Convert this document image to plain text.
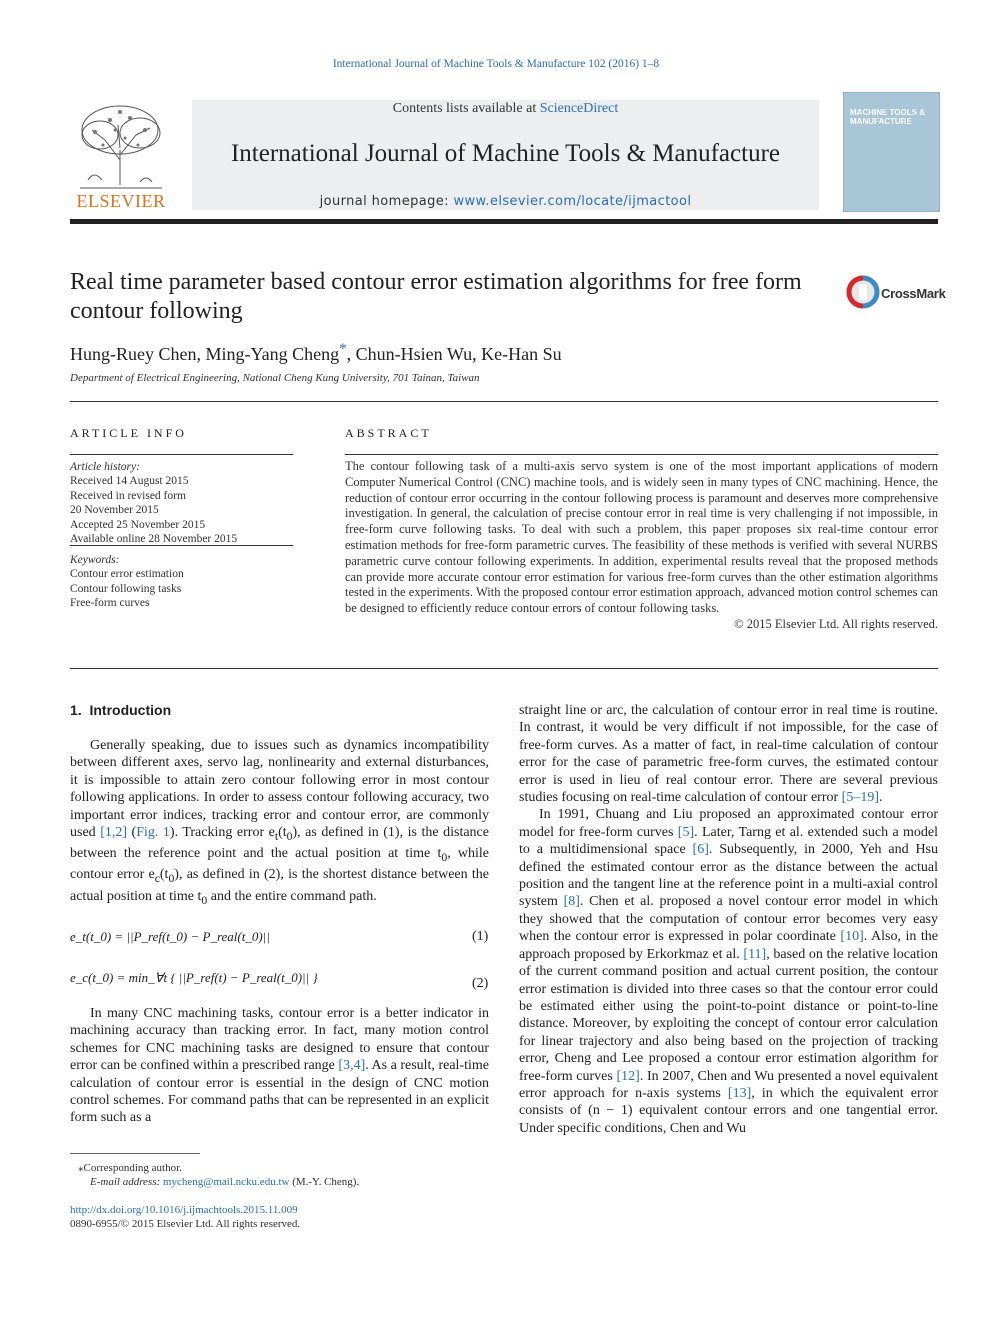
International Journal of Machine Tools & Manufacture 102 (2016) 1–8
ELSEVIER
Contents lists available at ScienceDirect
International Journal of Machine Tools & Manufacture
journal homepage: www.elsevier.com/locate/ijmactool
MACHINE TOOLS & MANUFACTURE
Real time parameter based contour error estimation algorithms for free form contour following
CrossMark
Hung-Ruey Chen, Ming-Yang Cheng*, Chun-Hsien Wu, Ke-Han Su
Department of Electrical Engineering, National Cheng Kung University, 701 Tainan, Taiwan
ARTICLE INFO
Article history:
Received 14 August 2015
Received in revised form
20 November 2015
Accepted 25 November 2015
Available online 28 November 2015
Keywords:
Contour error estimation
Contour following tasks
Free-form curves
ABSTRACT

The contour following task of a multi-axis servo system is one of the most important applications of modern Computer Numerical Control (CNC) machine tools, and is widely seen in many types of CNC machining. Hence, the reduction of contour error occurring in the contour following process is paramount and deserves more comprehensive investigation. In general, the calculation of precise contour error in real time is very challenging if not impossible, in free-form curve following tasks. To deal with such a problem, this paper proposes six real-time contour error estimation methods for free-form parametric curves. The feasibility of these methods is verified with several NURBS parametric curve contour following experiments. In addition, experimental results reveal that the proposed methods can provide more accurate contour error estimation for various free-form curves than the other estimation algorithms tested in the experiments. With the proposed contour error estimation approach, advanced motion control schemes can be designed to efficiently reduce contour errors of contour following tasks.

© 2015 Elsevier Ltd. All rights reserved.

1. Introduction
Generally speaking, due to issues such as dynamics incompatibility between different axes, servo lag, nonlinearity and external disturbances, it is impossible to attain zero contour following error in most contour following applications. In order to assess contour following accuracy, two important error indices, tracking error and contour error, are commonly used [1,2] (Fig. 1). Tracking error $e_t(t_0)$, as defined in (1), is the distance between the reference point and the actual position at time $t_0$, while contour error $e_c(t_0)$, as defined in (2), is the shortest distance between the actual position at time $t_0$ and the entire command path.
e_t(t_0) = ||P_ref(t_0) − P_real(t_0)||	(1)
e_c(t_0) = min_∀t { ||P_ref(t) − P_real(t_0)|| }	(2)
In many CNC machining tasks, contour error is a better indicator in machining accuracy than tracking error. In fact, many motion control schemes for CNC machining tasks are designed to ensure that contour error can be confined within a prescribed range [3,4]. As a result, real-time calculation of contour error is essential in the design of CNC motion control schemes. For command paths that can be represented in an explicit form such as a
⁎Corresponding author.
E-mail address: mycheng@mail.ncku.edu.tw (M.-Y. Cheng).
http://dx.doi.org/10.1016/j.ijmachtools.2015.11.009
0890-6955/© 2015 Elsevier Ltd. All rights reserved.

straight line or arc, the calculation of contour error in real time is routine. In contrast, it would be very difficult if not impossible, for the case of free-form curves. As a matter of fact, in real-time calculation of contour error for the case of parametric free-form curves, the estimated contour error is used in lieu of real contour error. There are several previous studies focusing on real-time calculation of contour error [5–19].

In 1991, Chuang and Liu proposed an approximated contour error model for free-form curves [5]. Later, Tarng et al. extended such a model to a multidimensional space [6]. Subsequently, in 2000, Yeh and Hsu defined the estimated contour error as the distance between the actual position and the tangent line at the reference point in a multi-axial control system [8]. Chen et al. proposed a novel contour error model in which they showed that the computation of contour error becomes very easy when the contour error is expressed in polar coordinate [10]. Also, in the approach proposed by Erkorkmaz et al. [11], based on the relative location of the current command position and actual current position, the contour error estimation is divided into three cases so that the contour error could be estimated either using the point-to-point distance or point-to-line distance. Moreover, by exploiting the concept of contour error calculation for linear trajectory and also being based on the projection of tracking error, Cheng and Lee proposed a contour error estimation algorithm for free-form curves [12]. In 2007, Chen and Wu presented a novel equivalent error approach for n-axis systems [13], in which the equivalent error consists of (n − 1) equivalent contour errors and one tangential error. Under specific conditions, Chen and Wu
